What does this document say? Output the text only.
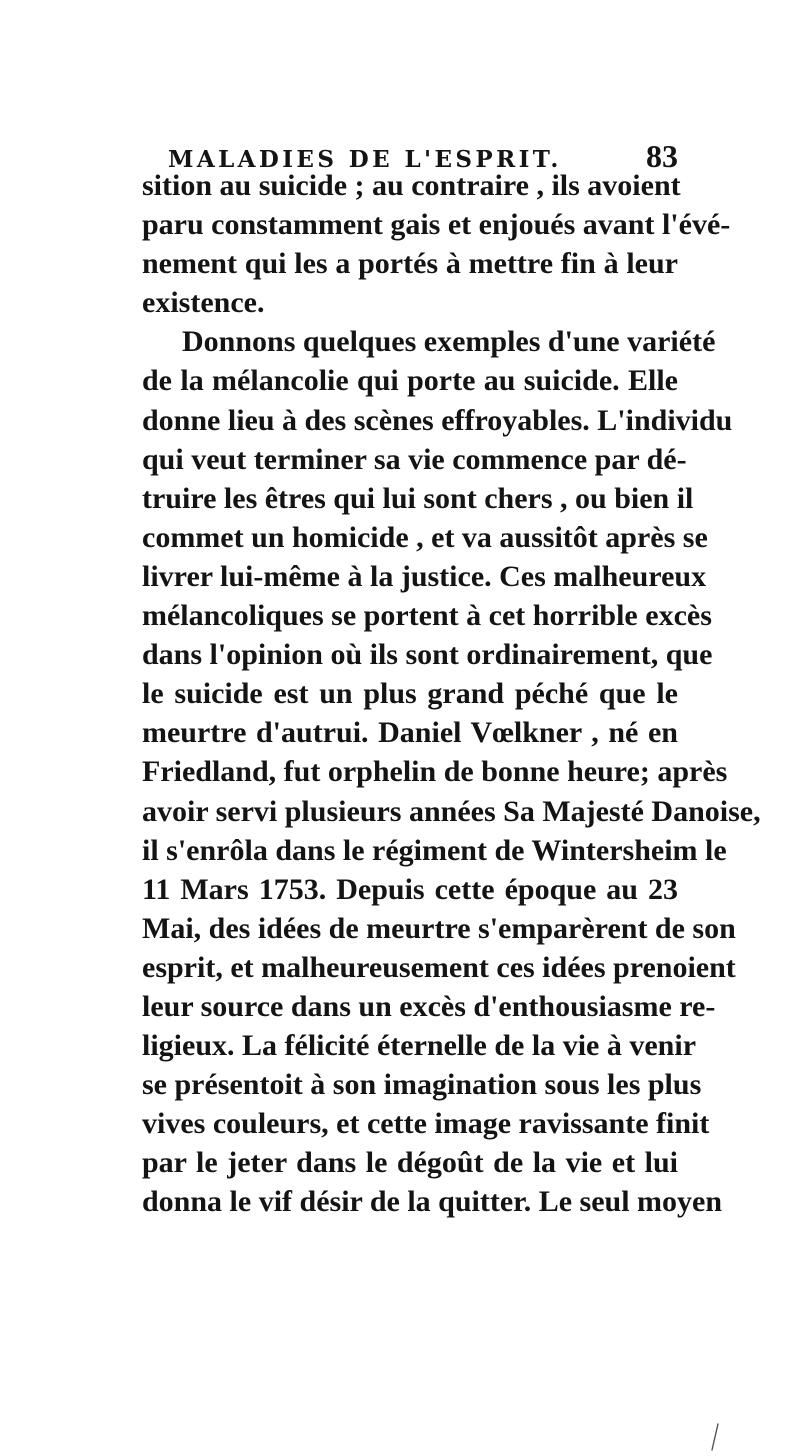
MALADIES DE L'ESPRIT.	83
sition au suicide ; au contraire , ils avoient
paru constamment gais et enjoués avant l'évé-
nement qui les a portés à mettre fin à leur
existence.
Donnons quelques exemples d'une variété
de la mélancolie qui porte au suicide. Elle
donne lieu à des scènes effroyables. L'individu
qui veut terminer sa vie commence par dé-
truire les êtres qui lui sont chers , ou bien il
commet un homicide , et va aussitôt après se
livrer lui-même à la justice. Ces malheureux
mélancoliques se portent à cet horrible excès
dans l'opinion où ils sont ordinairement, que
le suicide est un plus grand péché que le
meurtre d'autrui. Daniel Vœlkner , né en
Friedland, fut orphelin de bonne heure; après
avoir servi plusieurs années Sa Majesté Danoise,
il s'enrôla dans le régiment de Wintersheim le
11 Mars 1753. Depuis cette époque au 23
Mai, des idées de meurtre s'emparèrent de son
esprit, et malheureusement ces idées prenoient
leur source dans un excès d'enthousiasme re-
ligieux. La félicité éternelle de la vie à venir
se présentoit à son imagination sous les plus
vives couleurs, et cette image ravissante finit
par le jeter dans le dégoût de la vie et lui
donna le vif désir de la quitter. Le seul moyen
